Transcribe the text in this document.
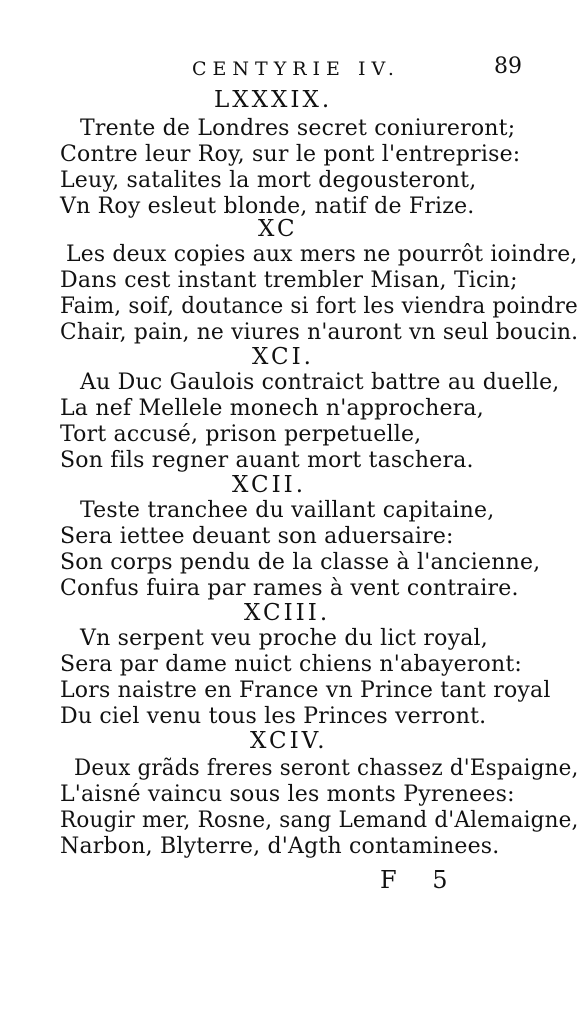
CENTYRIE IV.	89
LXXXIX.
Trente de Londres secret coniureront;
Contre leur Roy, sur le pont l'entreprise:
Leuy, satalites la mort degousteront,
Vn Roy esleut blonde, natif de Frize.
XC
Les deux copies aux mers ne pourrôt ioindre,
Dans cest instant trembler Misan, Ticin;
Faim, soif, doutance si fort les viendra poindre
Chair, pain, ne viures n'auront vn seul boucin.
XCI.
Au Duc Gaulois contraict battre au duelle,
La nef Mellele monech n'approchera,
Tort accusé, prison perpetuelle,
Son fils regner auant mort taschera.
XCII.
Teste tranchee du vaillant capitaine,
Sera iettee deuant son aduersaire:
Son corps pendu de la classe à l'ancienne,
Confus fuira par rames à vent contraire.
XCIII.
Vn serpent veu proche du lict royal,
Sera par dame nuict chiens n'abayeront:
Lors naistre en France vn Prince tant royal
Du ciel venu tous les Princes verront.
XCIV.
Deux grãds freres seront chassez d'Espaigne,
L'aisné vaincu sous les monts Pyrenees:
Rougir mer, Rosne, sang Lemand d'Alemaigne,
Narbon, Blyterre, d'Agth contaminees.
F 5
